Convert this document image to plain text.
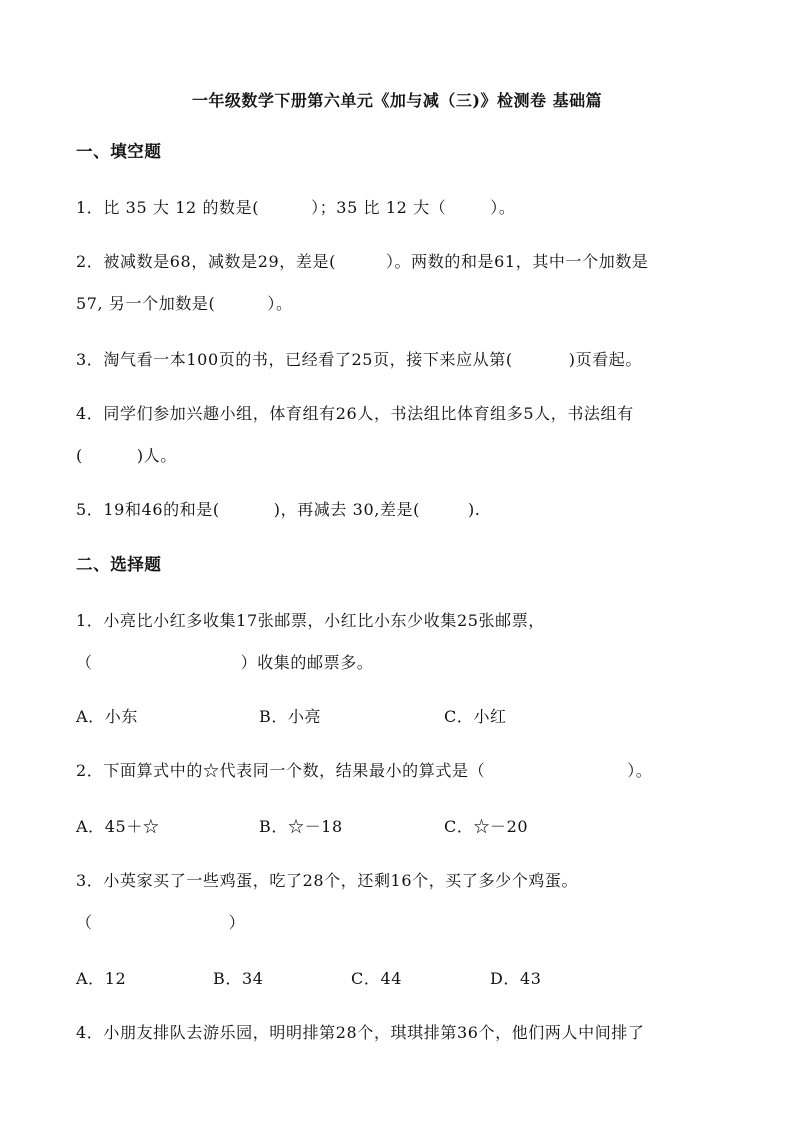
一年级数学下册第六单元《加与减（三)》检测卷 基础篇
一、填空题
1．比 35 大 12 的数是(	）；35 比 12 大（	）。
2．被减数是68，减数是29，差是(	）。两数的和是61，其中一个加数是
57, 另一个加数是(	）。
3．淘气看一本100页的书，已经看了25页，接下来应从第(	)页看起。
4．同学们参加兴趣小组，体育组有26人，书法组比体育组多5人，书法组有
(	)人。
5．19和46的和是(	)，再减去 30,差是(	).
二、选择题
1．小亮比小红多收集17张邮票，小红比小东少收集25张邮票，
（	）收集的邮票多。
A．小东	B．小亮	C．小红
2．下面算式中的☆代表同一个数，结果最小的算式是（	）。
A．45＋☆	B．☆－18	C．☆－20
3．小英家买了一些鸡蛋，吃了28个，还剩16个，买了多少个鸡蛋。
（	）
A．12	B．34	C．44	D．43
4．小朋友排队去游乐园，明明排第28个，琪琪排第36个，他们两人中间排了
